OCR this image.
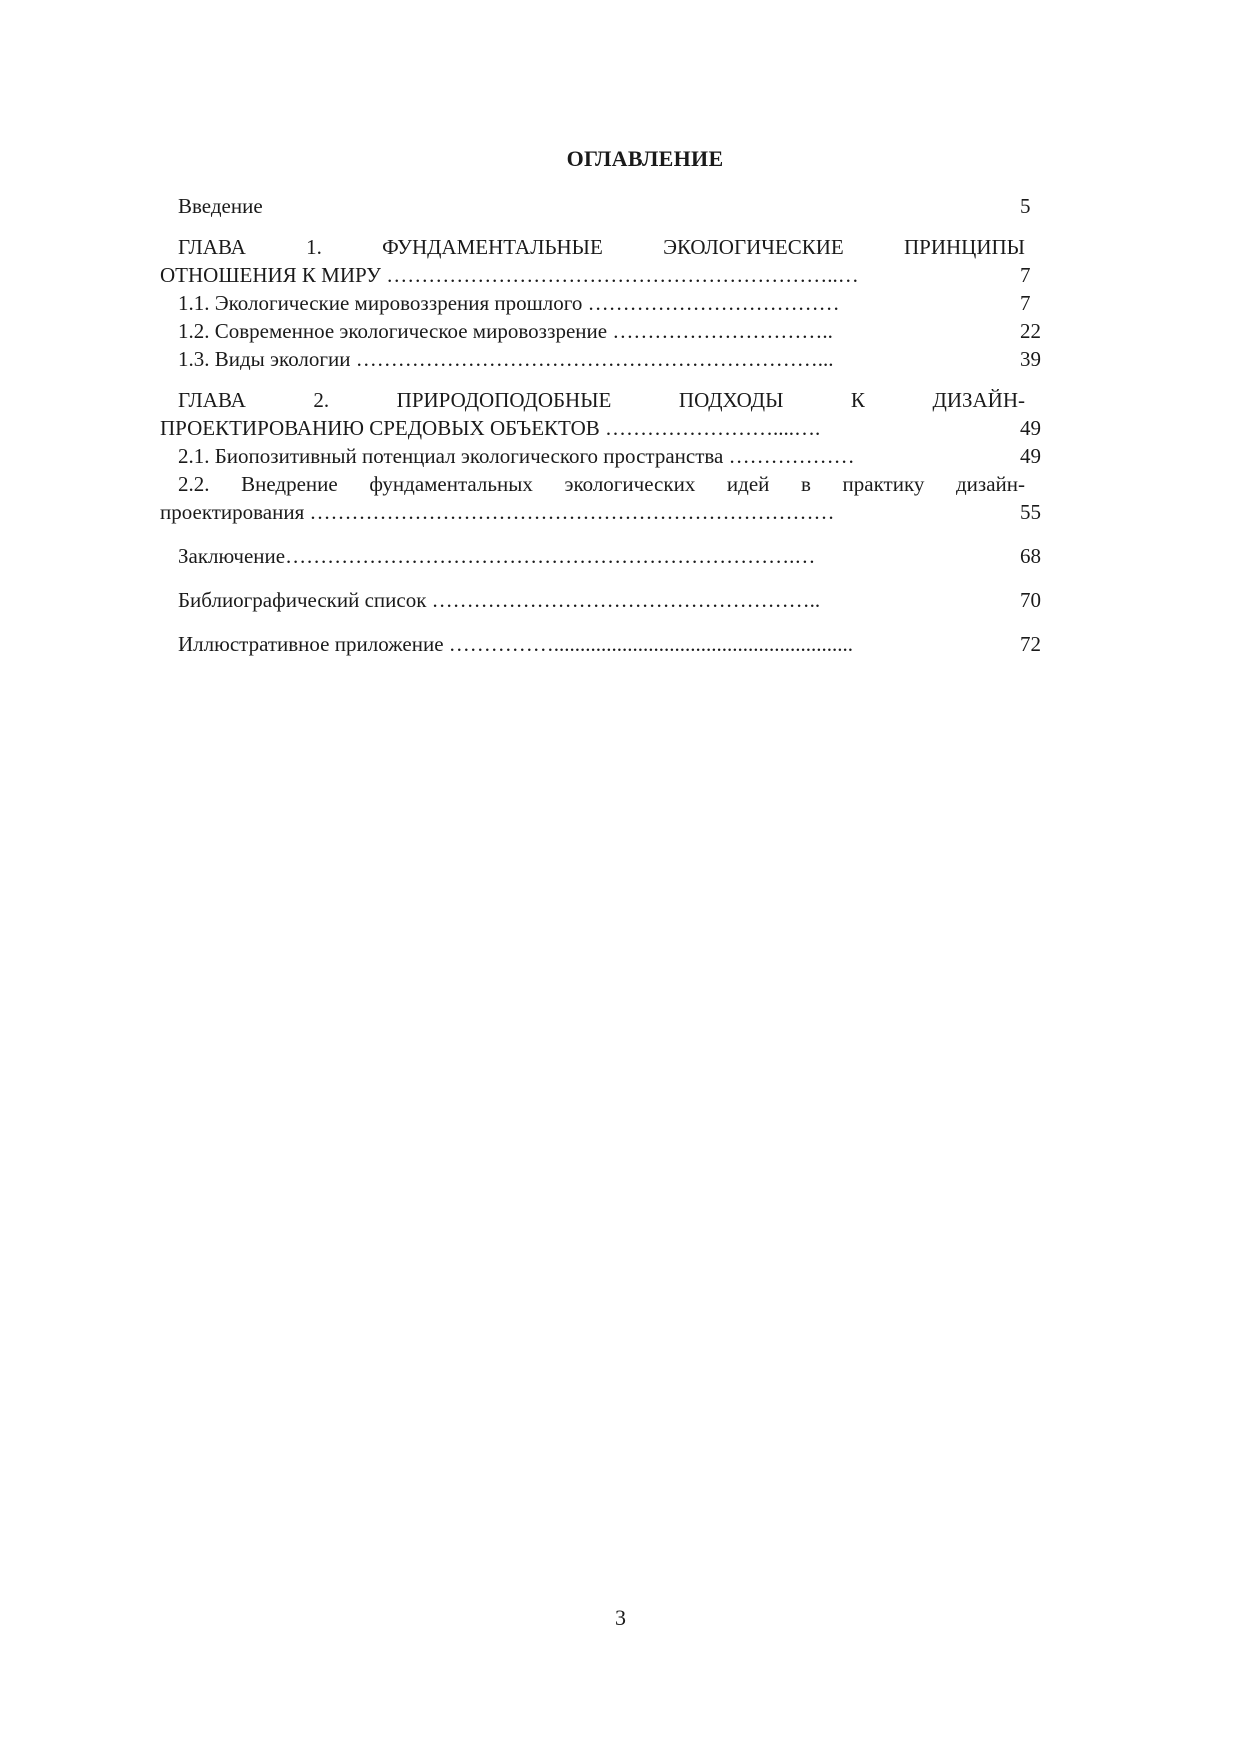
ОГЛАВЛЕНИЕ
Введение	5
ГЛАВА 1. ФУНДАМЕНТАЛЬНЫЕ ЭКОЛОГИЧЕСКИЕ ПРИНЦИПЫ
ОТНОШЕНИЯ К МИРУ ………………………………………………………..…	7
1.1. Экологические мировоззрения прошлого ………………………………	7
1.2. Современное экологическое мировоззрение …………………………..	22
1.3. Виды экологии …………………………………………………………...	39
ГЛАВА 2. ПРИРОДОПОДОБНЫЕ ПОДХОДЫ К ДИЗАЙН-
ПРОЕКТИРОВАНИЮ СРЕДОВЫХ ОБЪЕКТОВ ……………………....….	49
2.1. Биопозитивный потенциал экологического пространства ………………	49
2.2. Внедрение фундаментальных экологических идей в практику дизайн-
проектирования …………………………………………………………………	55
Заключение……………………………………………………………….…	68
Библиографический список ………………………………………………..	70
Иллюстративное приложение …………….........................................................	72
3
